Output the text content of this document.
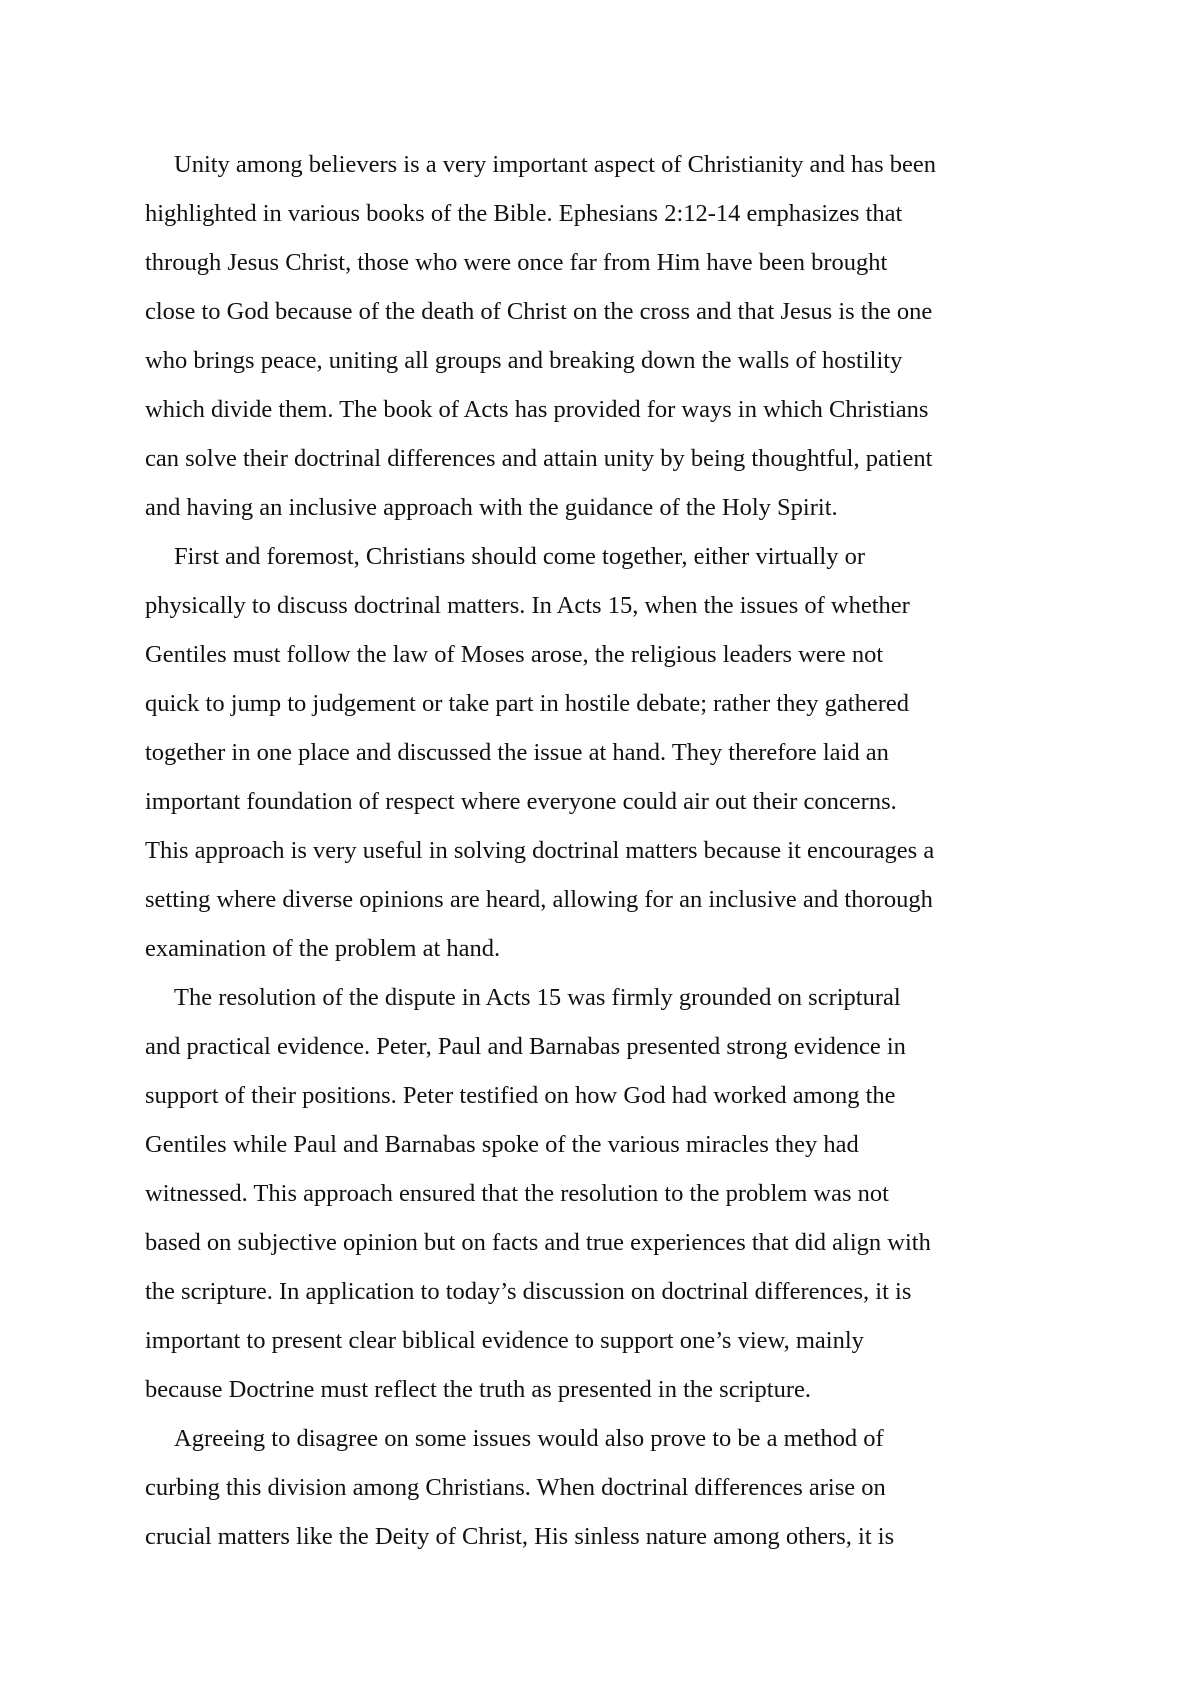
Unity among believers is a very important aspect of Christianity and has been
highlighted in various books of the Bible. Ephesians 2:12-14 emphasizes that
through Jesus Christ, those who were once far from Him have been brought
close to God because of the death of Christ on the cross and that Jesus is the one
who brings peace, uniting all groups and breaking down the walls of hostility
which divide them. The book of Acts has provided for ways in which Christians
can solve their doctrinal differences and attain unity by being thoughtful, patient
and having an inclusive approach with the guidance of the Holy Spirit.
First and foremost, Christians should come together, either virtually or
physically to discuss doctrinal matters. In Acts 15, when the issues of whether
Gentiles must follow the law of Moses arose, the religious leaders were not
quick to jump to judgement or take part in hostile debate; rather they gathered
together in one place and discussed the issue at hand. They therefore laid an
important foundation of respect where everyone could air out their concerns.
This approach is very useful in solving doctrinal matters because it encourages a
setting where diverse opinions are heard, allowing for an inclusive and thorough
examination of the problem at hand.
The resolution of the dispute in Acts 15 was firmly grounded on scriptural
and practical evidence. Peter, Paul and Barnabas presented strong evidence in
support of their positions. Peter testified on how God had worked among the
Gentiles while Paul and Barnabas spoke of the various miracles they had
witnessed. This approach ensured that the resolution to the problem was not
based on subjective opinion but on facts and true experiences that did align with
the scripture. In application to today’s discussion on doctrinal differences, it is
important to present clear biblical evidence to support one’s view, mainly
because Doctrine must reflect the truth as presented in the scripture.
Agreeing to disagree on some issues would also prove to be a method of
curbing this division among Christians. When doctrinal differences arise on
crucial matters like the Deity of Christ, His sinless nature among others, it is
